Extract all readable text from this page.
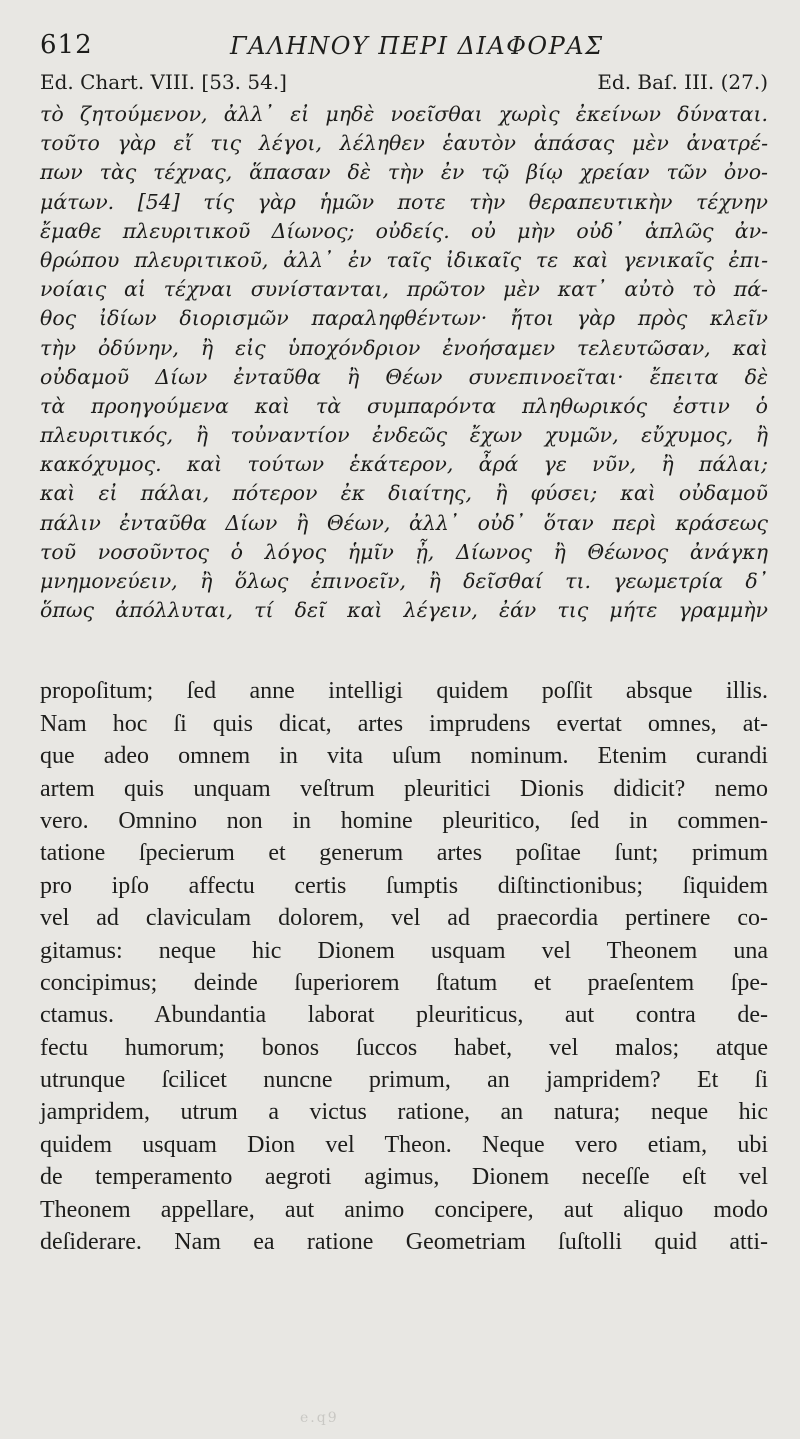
612	ΓΑΛΗΝΟΥ ΠΕΡΙ ΔΙΑΦΟΡΑΣ
Ed. Chart. VIII. [53. 54.]	Ed. Baſ. III. (27.)
τὸ ζητούμενον, ἀλλ᾽ εἰ μηδὲ νοεῖσθαι χωρὶς ἐκείνων δύναται.
τοῦτο γὰρ εἴ τις λέγοι, λέληθεν ἑαυτὸν ἁπάσας μὲν ἀνατρέ-
πων τὰς τέχνας, ἅπασαν δὲ τὴν ἐν τῷ βίῳ χρείαν τῶν ὀνο-
μάτων. [54] τίς γὰρ ἡμῶν ποτε τὴν θεραπευτικὴν τέχνην
ἔμαθε πλευριτικοῦ Δίωνος; οὐδείς. οὐ μὴν οὐδ᾽ ἁπλῶς ἀν-
θρώπου πλευριτικοῦ, ἀλλ᾽ ἐν ταῖς ἰδικαῖς τε καὶ γενικαῖς ἐπι-
νοίαις αἱ τέχναι συνίστανται, πρῶτον μὲν κατ᾽ αὐτὸ τὸ πά-
θος ἰδίων διορισμῶν παραληφθέντων· ἤτοι γὰρ πρὸς κλεῖν
τὴν ὀδύνην, ἢ εἰς ὑποχόνδριον ἐνοήσαμεν τελευτῶσαν, καὶ
οὐδαμοῦ Δίων ἐνταῦθα ἢ Θέων συνεπινοεῖται· ἔπειτα δὲ
τὰ προηγούμενα καὶ τὰ συμπαρόντα πληθωρικός ἐστιν ὁ
πλευριτικός, ἢ τοὐναντίον ἐνδεῶς ἔχων χυμῶν, εὔχυμος, ἢ
κακόχυμος. καὶ τούτων ἑκάτερον, ἆρά γε νῦν, ἢ πάλαι;
καὶ εἰ πάλαι, πότερον ἐκ διαίτης, ἢ φύσει; καὶ οὐδαμοῦ
πάλιν ἐνταῦθα Δίων ἢ Θέων, ἀλλ᾽ οὐδ᾽ ὅταν περὶ κράσεως
τοῦ νοσοῦντος ὁ λόγος ἡμῖν ᾖ, Δίωνος ἢ Θέωνος ἀνάγκη
μνημονεύειν, ἢ ὅλως ἐπινοεῖν, ἢ δεῖσθαί τι. γεωμετρία δ᾽
ὅπως ἀπόλλυται, τί δεῖ καὶ λέγειν, ἐάν τις μήτε γραμμὴν
propoſitum; ſed anne intelligi quidem poſſit absque illis.
Nam hoc ſi quis dicat, artes imprudens evertat omnes, at-
que adeo omnem in vita uſum nominum. Etenim curandi
artem quis unquam veſtrum pleuritici Dionis didicit? nemo
vero. Omnino non in homine pleuritico, ſed in commen-
tatione ſpecierum et generum artes poſitae ſunt; primum
pro ipſo affectu certis ſumptis diſtinctionibus; ſiquidem
vel ad claviculam dolorem, vel ad praecordia pertinere co-
gitamus: neque hic Dionem usquam vel Theonem una
concipimus; deinde ſuperiorem ſtatum et praeſentem ſpe-
ctamus. Abundantia laborat pleuriticus, aut contra de-
fectu humorum; bonos ſuccos habet, vel malos; atque
utrunque ſcilicet nuncne primum, an jampridem? Et ſi
jampridem, utrum a victus ratione, an natura; neque hic
quidem usquam Dion vel Theon. Neque vero etiam, ubi
de temperamento aegroti agimus, Dionem neceſſe eſt vel
Theonem appellare, aut animo concipere, aut aliquo modo
deſiderare. Nam ea ratione Geometriam ſuſtolli quid atti-
e.q9
